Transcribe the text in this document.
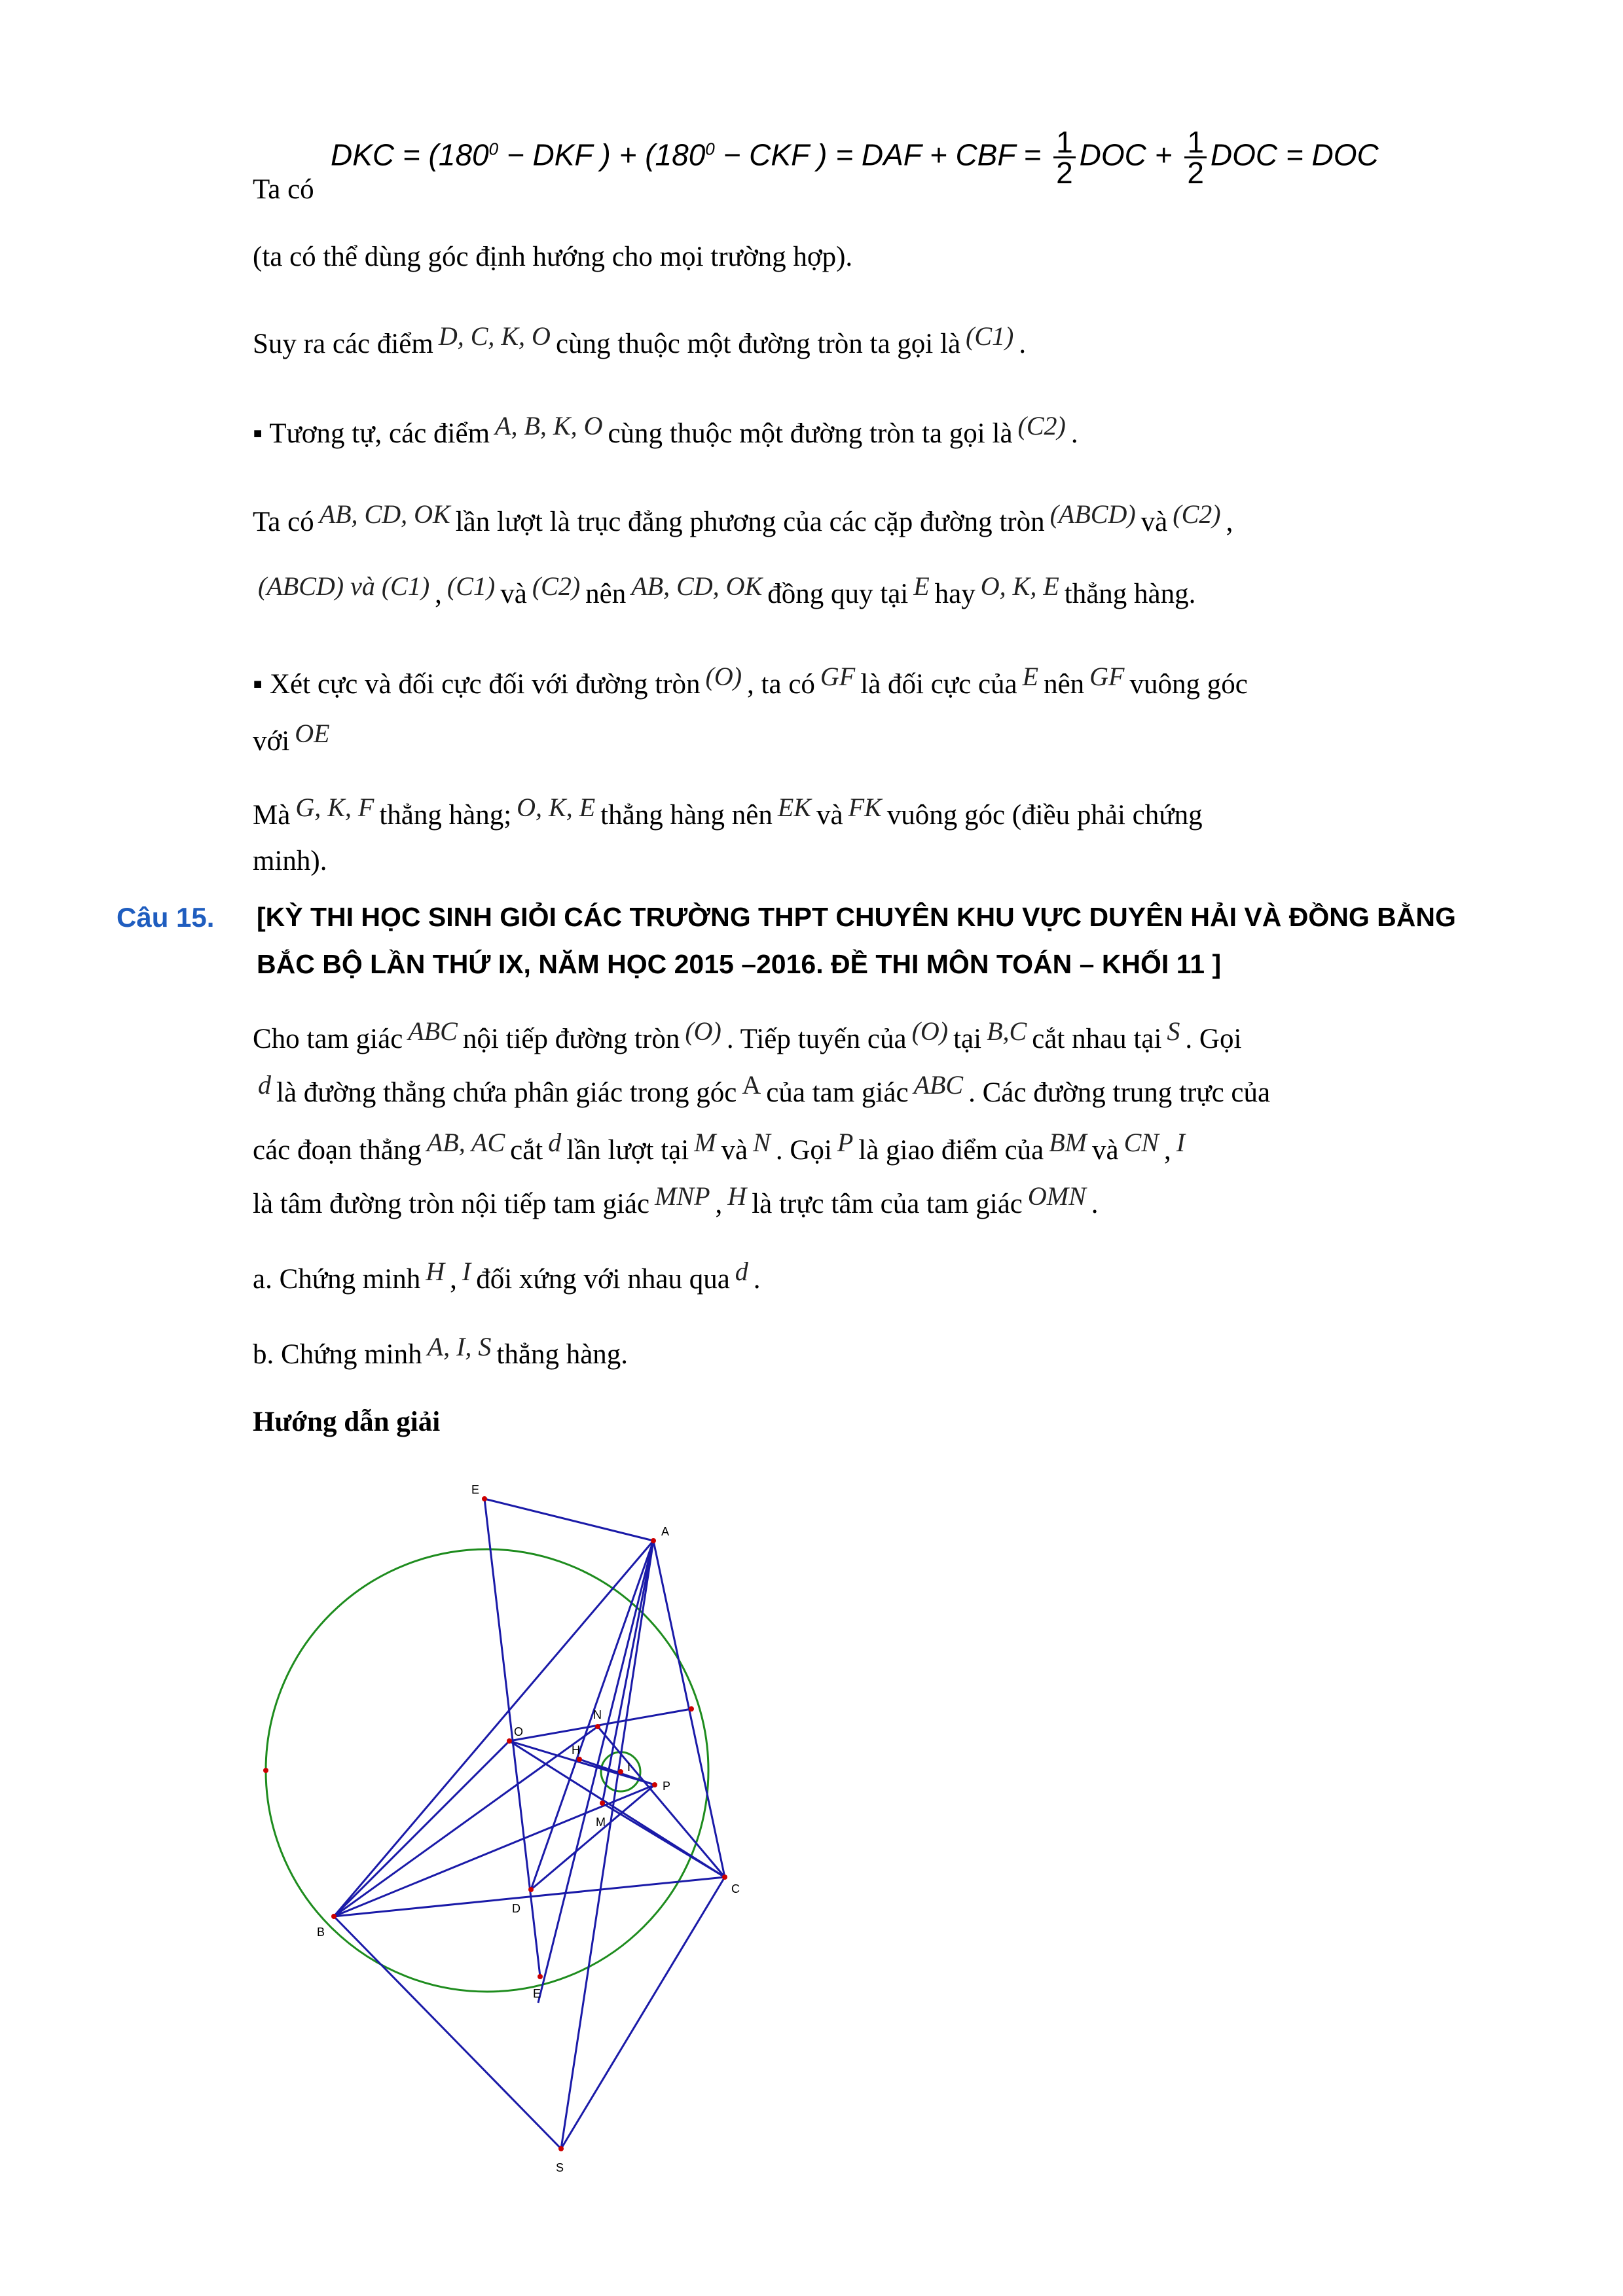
DKC = ($180^0$ − DKF ) + ($180^0$ − CKF ) = DAF + CBF = $\frac{1}{2}$ DOC + $\frac{1}{2}$ DOC = DOC
Ta có
(ta có thể dùng góc định hướng cho mọi trường hợp).
Suy ra các điểm D, C, K, O cùng thuộc một đường tròn ta gọi là (C1) .
▪ Tương tự, các điểm A, B, K, O cùng thuộc một đường tròn ta gọi là (C2) .
Ta có AB, CD, OK lần lượt là trục đẳng phương của các cặp đường tròn (ABCD) và (C2) ,
(ABCD) và (C1) , (C1) và (C2) nên AB, CD, OK đồng quy tại E hay O, K, E thẳng hàng.
▪ Xét cực và đối cực đối với đường tròn (O) , ta có GF là đối cực của E nên GF vuông góc
với OE
Mà G, K, F thẳng hàng; O, K, E thẳng hàng nên EK và FK vuông góc (điều phải chứng
minh).
Câu 15. [KỲ THI HỌC SINH GIỎI CÁC TRƯỜNG THPT CHUYÊN KHU VỰC DUYÊN HẢI VÀ ĐỒNG BẰNG
BẮC BỘ LẦN THỨ IX, NĂM HỌC 2015 –2016. ĐỀ THI MÔN TOÁN – KHỐI 11 ]
Cho tam giác ABC nội tiếp đường tròn (O) . Tiếp tuyến của (O) tại B,C cắt nhau tại S . Gọi
d là đường thẳng chứa phân giác trong góc A của tam giác ABC . Các đường trung trực của
các đoạn thẳng AB, AC cắt d lần lượt tại M và N . Gọi P là giao điểm của BM và CN , I
là tâm đường tròn nội tiếp tam giác MNP , H là trực tâm của tam giác OMN .
a. Chứng minh H , I đối xứng với nhau qua d .
b. Chứng minh A, I, S thẳng hàng.
Hướng dẫn giải
E
A
O
N
H
I
P
M
C
D
B
E
S
